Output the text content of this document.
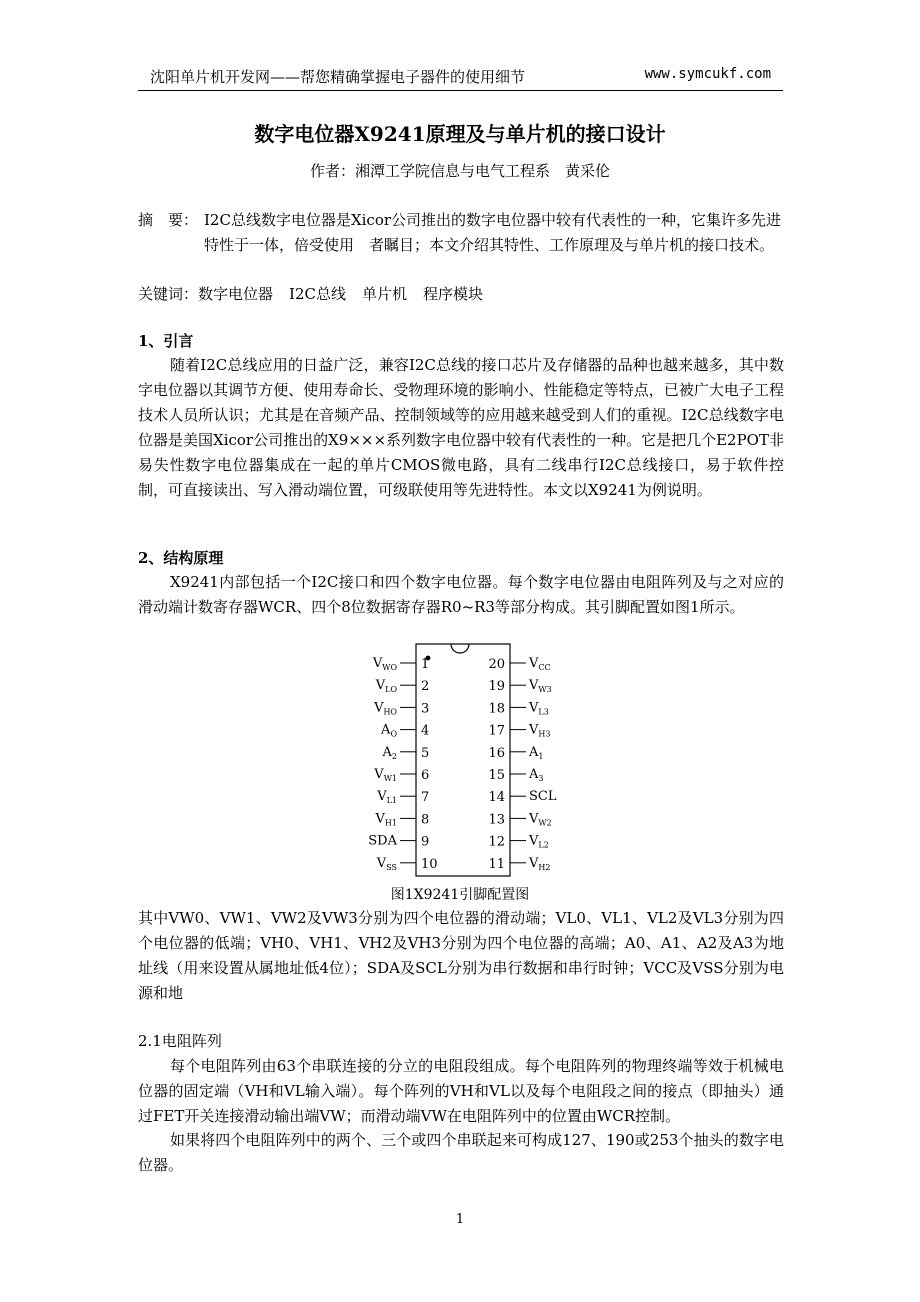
沈阳单片机开发网——帮您精确掌握电子器件的使用细节	www.symcukf.com
数字电位器X9241原理及与单片机的接口设计
作者：湘潭工学院信息与电气工程系　黄采伦
摘　要： I2C总线数字电位器是Xicor公司推出的数字电位器中较有代表性的一种，它集许多先进特性于一体，倍受使用　者瞩目；本文介绍其特性、工作原理及与单片机的接口技术。
关键词：数字电位器 I2C总线 单片机 程序模块
1、引言
随着I2C总线应用的日益广泛，兼容I2C总线的接口芯片及存储器的品种也越来越多，其中数字电位器以其调节方便、使用寿命长、受物理环境的影响小、性能稳定等特点，已被广大电子工程技术人员所认识；尤其是在音频产品、控制领域等的应用越来越受到人们的重视。I2C总线数字电位器是美国Xicor公司推出的X9×××系列数字电位器中较有代表性的一种。它是把几个E2POT非易失性数字电位器集成在一起的单片CMOS微电路，具有二线串行I2C总线接口，易于软件控制，可直接读出、写入滑动端位置，可级联使用等先进特性。本文以X9241为例说明。
2、结构原理
X9241内部包括一个I2C接口和四个数字电位器。每个数字电位器由电阻阵列及与之对应的滑动端计数寄存器WCR、四个8位数据寄存器R0~R3等部分构成。其引脚配置如图1所示。
1
$V_{WO}$
2
$V_{LO}$
3
$V_{HO}$
4
$A_O$
5
$A_2$
6
$V_{W1}$
7
$V_{L1}$
8
$V_{H1}$
9
SDA
10
$V_{SS}$
20 $V_{CC}$
19 $V_{W3}$
18 $V_{L3}$
17 $V_{H3}$
16 $A_1$
15 $A_3$
14 SCL
13 $V_{W2}$
12 $V_{L2}$
11 $V_{H2}$
图1X9241引脚配置图
其中VW0、VW1、VW2及VW3分别为四个电位器的滑动端；VL0、VL1、VL2及VL3分别为四个电位器的低端；VH0、VH1、VH2及VH3分别为四个电位器的高端；A0、A1、A2及A3为地址线（用来设置从属地址低4位）；SDA及SCL分别为串行数据和串行时钟；VCC及VSS分别为电源和地
2.1电阻阵列
每个电阻阵列由63个串联连接的分立的电阻段组成。每个电阻阵列的物理终端等效于机械电位器的固定端（VH和VL输入端）。每个阵列的VH和VL以及每个电阻段之间的接点（即抽头）通过FET开关连接滑动输出端VW；而滑动端VW在电阻阵列中的位置由WCR控制。
如果将四个电阻阵列中的两个、三个或四个串联起来可构成127、190或253个抽头的数字电位器。
1
